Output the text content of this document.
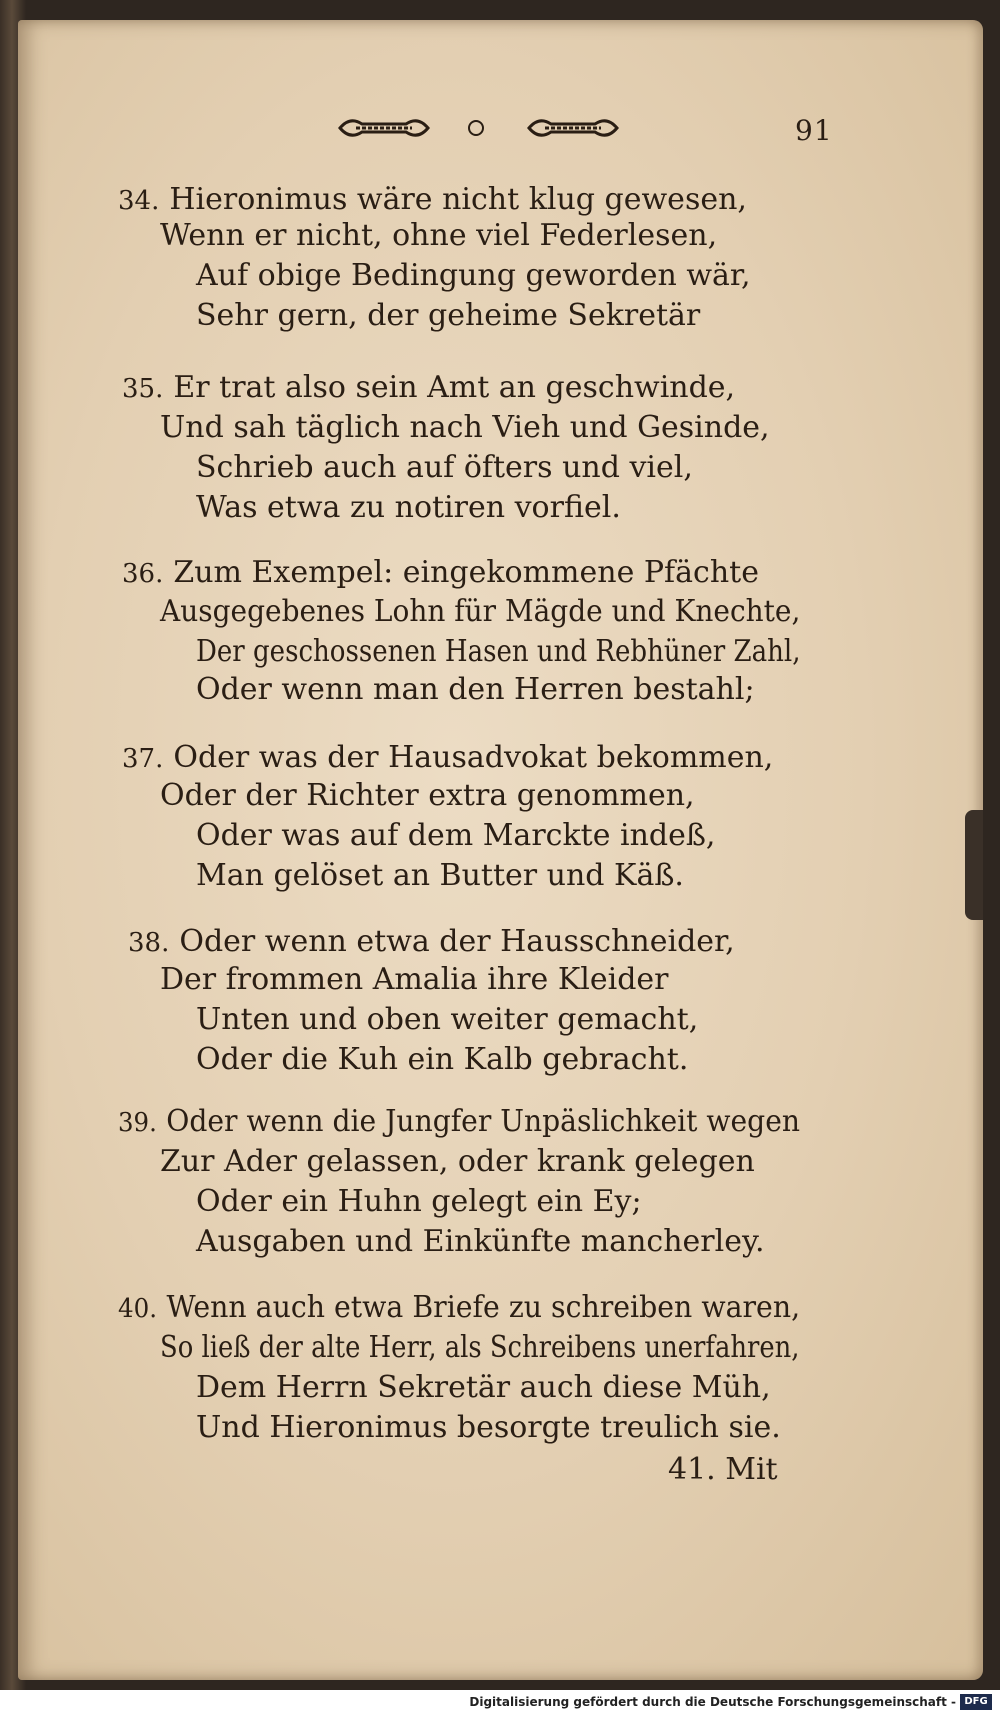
91
34. Hieronimus wäre nicht klug gewesen,
Wenn er nicht, ohne viel Federlesen,
Auf obige Bedingung geworden wär,
Sehr gern, der geheime Sekretär
35. Er trat also sein Amt an geschwinde,
Und sah täglich nach Vieh und Gesinde,
Schrieb auch auf öfters und viel,
Was etwa zu notiren vorfiel.
36. Zum Exempel: eingekommene Pfächte
Ausgegebenes Lohn für Mägde und Knechte,
Der geschossenen Hasen und Rebhüner Zahl,
Oder wenn man den Herren bestahl;
37. Oder was der Hausadvokat bekommen,
Oder der Richter extra genommen,
Oder was auf dem Marckte indeß,
Man gelöset an Butter und Käß.
38. Oder wenn etwa der Hausschneider,
Der frommen Amalia ihre Kleider
Unten und oben weiter gemacht,
Oder die Kuh ein Kalb gebracht.
39. Oder wenn die Jungfer Unpäslichkeit wegen
Zur Ader gelassen, oder krank gelegen
Oder ein Huhn gelegt ein Ey;
Ausgaben und Einkünfte mancherley.
40. Wenn auch etwa Briefe zu schreiben waren,
So ließ der alte Herr, als Schreibens unerfahren,
Dem Herrn Sekretär auch diese Müh,
Und Hieronimus besorgte treulich sie.
41. Mit
Digitalisierung gefördert durch die Deutsche Forschungsgemeinschaft - DFG
